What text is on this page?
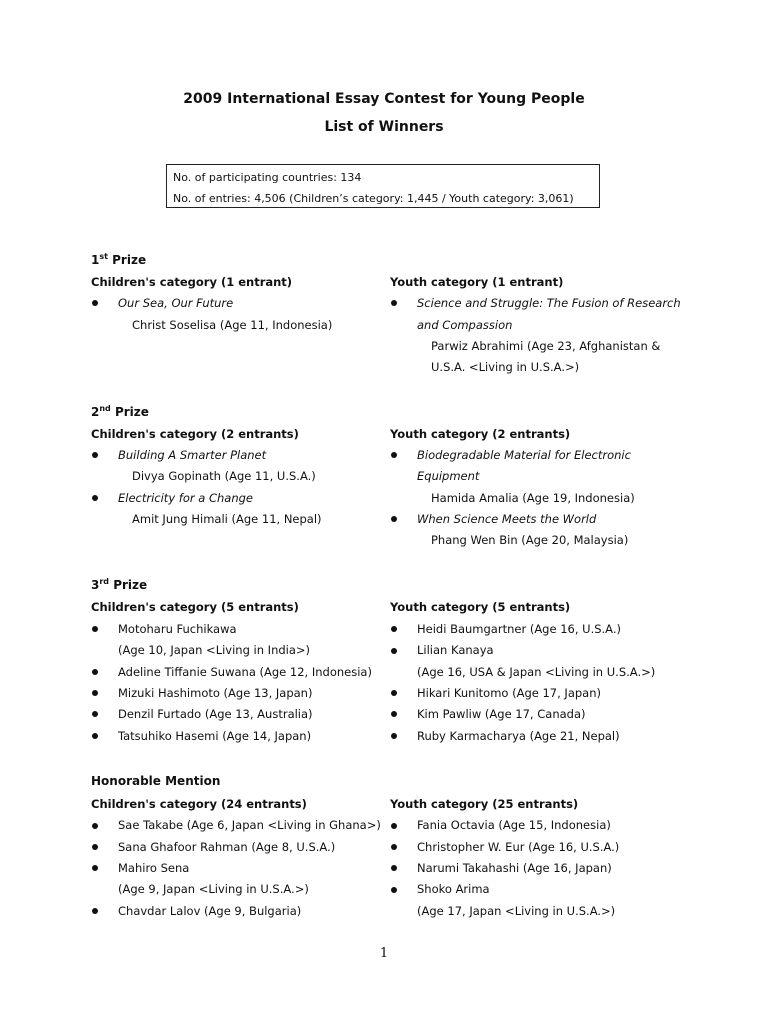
2009 International Essay Contest for Young People
List of Winners
No. of participating countries: 134
No. of entries: 4,506 (Children’s category: 1,445 / Youth category: 3,061)
1st Prize
Children's category (1 entrant)	Youth category (1 entrant)
Our Sea, Our Future
Christ Soselisa (Age 11, Indonesia)
Science and Struggle: The Fusion of Research
and Compassion
Parwiz Abrahimi (Age 23, Afghanistan &
U.S.A. <Living in U.S.A.>)
2nd Prize
Children's category (2 entrants)	Youth category (2 entrants)
Building A Smarter Planet
Divya Gopinath (Age 11, U.S.A.)
Electricity for a Change
Amit Jung Himali (Age 11, Nepal)
Biodegradable Material for Electronic
Equipment
Hamida Amalia (Age 19, Indonesia)
When Science Meets the World
Phang Wen Bin (Age 20, Malaysia)
3rd Prize
Children's category (5 entrants)	Youth category (5 entrants)
Motoharu Fuchikawa
(Age 10, Japan <Living in India>)
Adeline Tiffanie Suwana (Age 12, Indonesia)
Mizuki Hashimoto (Age 13, Japan)
Denzil Furtado (Age 13, Australia)
Tatsuhiko Hasemi (Age 14, Japan)
Heidi Baumgartner (Age 16, U.S.A.)
Lilian Kanaya
(Age 16, USA & Japan <Living in U.S.A.>)
Hikari Kunitomo (Age 17, Japan)
Kim Pawliw (Age 17, Canada)
Ruby Karmacharya (Age 21, Nepal)
Honorable Mention
Children's category (24 entrants)	Youth category (25 entrants)
Sae Takabe (Age 6, Japan <Living in Ghana>)
Sana Ghafoor Rahman (Age 8, U.S.A.)
Mahiro Sena
(Age 9, Japan <Living in U.S.A.>)
Chavdar Lalov (Age 9, Bulgaria)
Fania Octavia (Age 15, Indonesia)
Christopher W. Eur (Age 16, U.S.A.)
Narumi Takahashi (Age 16, Japan)
Shoko Arima
(Age 17, Japan <Living in U.S.A.>)
1
